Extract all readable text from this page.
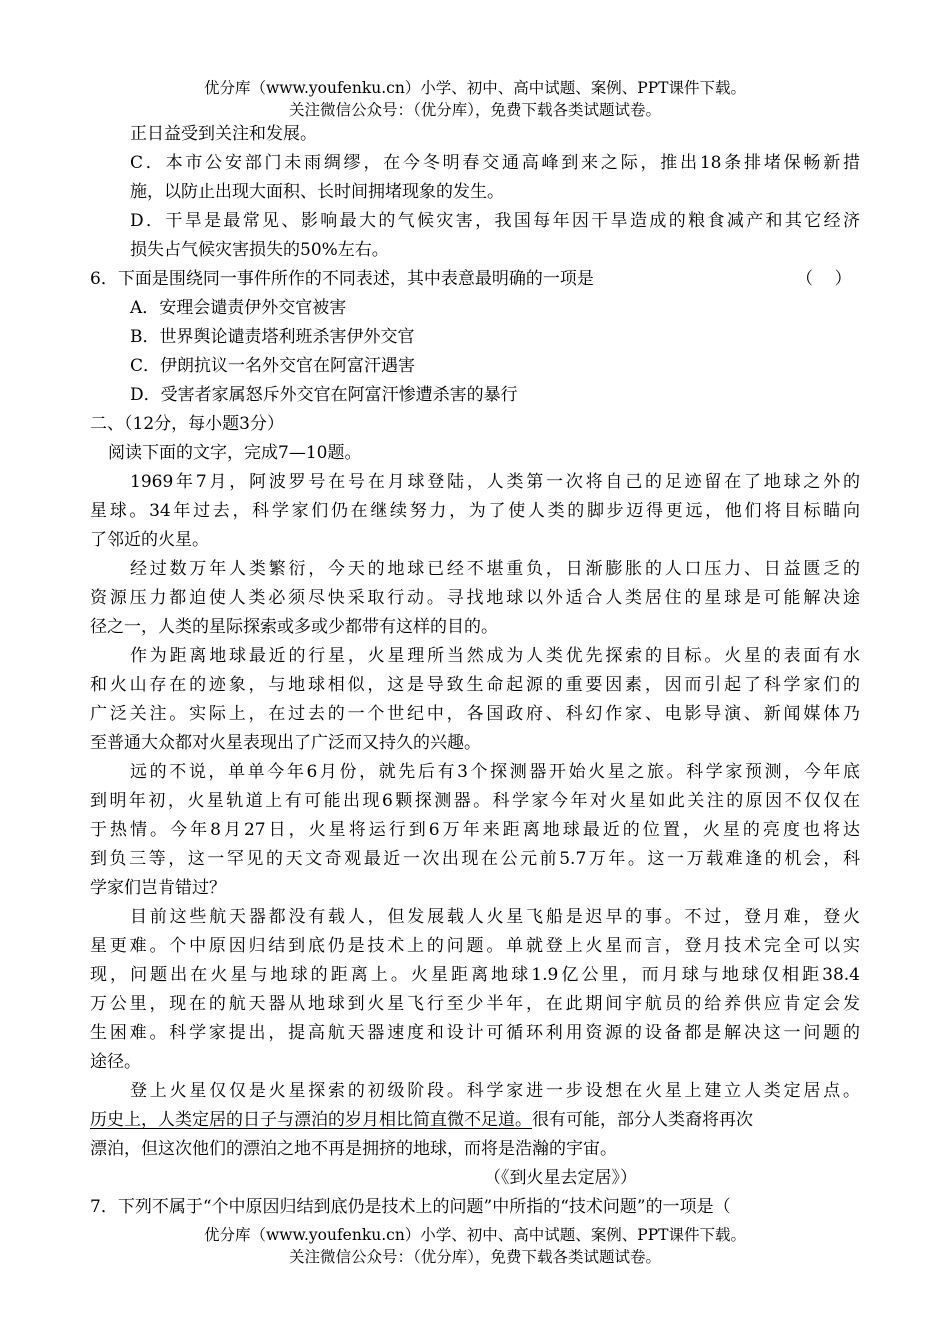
优分库（www.youfenku.cn）小学、初中、高中试题、案例、PPT课件下载。
关注微信公众号：（优分库），免费下载各类试题试卷。
正日益受到关注和发展。
C．本市公安部门未雨绸缪，在今冬明春交通高峰到来之际，推出18条排堵保畅新措
施，以防止出现大面积、长时间拥堵现象的发生。
D．干旱是最常见、影响最大的气候灾害，我国每年因干旱造成的粮食减产和其它经济
损失占气候灾害损失的50%左右。
6．下面是围绕同一事件所作的不同表述，其中表意最明确的一项是	（    ）
A．安理会谴责伊外交官被害
B．世界舆论谴责塔利班杀害伊外交官
C．伊朗抗议一名外交官在阿富汗遇害
D．受害者家属怒斥外交官在阿富汗惨遭杀害的暴行
二、（12分，每小题3分）
阅读下面的文字，完成7—10题。
1969年7月，阿波罗号在号在月球登陆，人类第一次将自己的足迹留在了地球之外的
星球。34年过去，科学家们仍在继续努力，为了使人类的脚步迈得更远，他们将目标瞄向
了邻近的火星。
经过数万年人类繁衍，今天的地球已经不堪重负，日渐膨胀的人口压力、日益匮乏的
资源压力都迫使人类必须尽快采取行动。寻找地球以外适合人类居住的星球是可能解决途
径之一，人类的星际探索或多或少都带有这样的目的。
作为距离地球最近的行星，火星理所当然成为人类优先探索的目标。火星的表面有水
和火山存在的迹象，与地球相似，这是导致生命起源的重要因素，因而引起了科学家们的
广泛关注。实际上，在过去的一个世纪中，各国政府、科幻作家、电影导演、新闻媒体乃
至普通大众都对火星表现出了广泛而又持久的兴趣。
远的不说，单单今年6月份，就先后有3个探测器开始火星之旅。科学家预测，今年底
到明年初，火星轨道上有可能出现6颗探测器。科学家今年对火星如此关注的原因不仅仅在
于热情。今年8月27日，火星将运行到6万年来距离地球最近的位置，火星的亮度也将达
到负三等，这一罕见的天文奇观最近一次出现在公元前5.7万年。这一万载难逢的机会，科
学家们岂肯错过？
目前这些航天器都没有载人，但发展载人火星飞船是迟早的事。不过，登月难，登火
星更难。个中原因归结到底仍是技术上的问题。单就登上火星而言，登月技术完全可以实
现，问题出在火星与地球的距离上。火星距离地球1.9亿公里，而月球与地球仅相距38.4
万公里，现在的航天器从地球到火星飞行至少半年，在此期间宇航员的给养供应肯定会发
生困难。科学家提出，提高航天器速度和设计可循环利用资源的设备都是解决这一问题的
途径。
登上火星仅仅是火星探索的初级阶段。科学家进一步设想在火星上建立人类定居点。
历史上，人类定居的日子与漂泊的岁月相比简直微不足道。很有可能，部分人类裔将再次
漂泊，但这次他们的漂泊之地不再是拥挤的地球，而将是浩瀚的宇宙。
（《到火星去定居》）
7．下列不属于“个中原因归结到底仍是技术上的问题”中所指的“技术问题”的一项是（
优分库（www.youfenku.cn）小学、初中、高中试题、案例、PPT课件下载。
关注微信公众号：（优分库），免费下载各类试题试卷。
